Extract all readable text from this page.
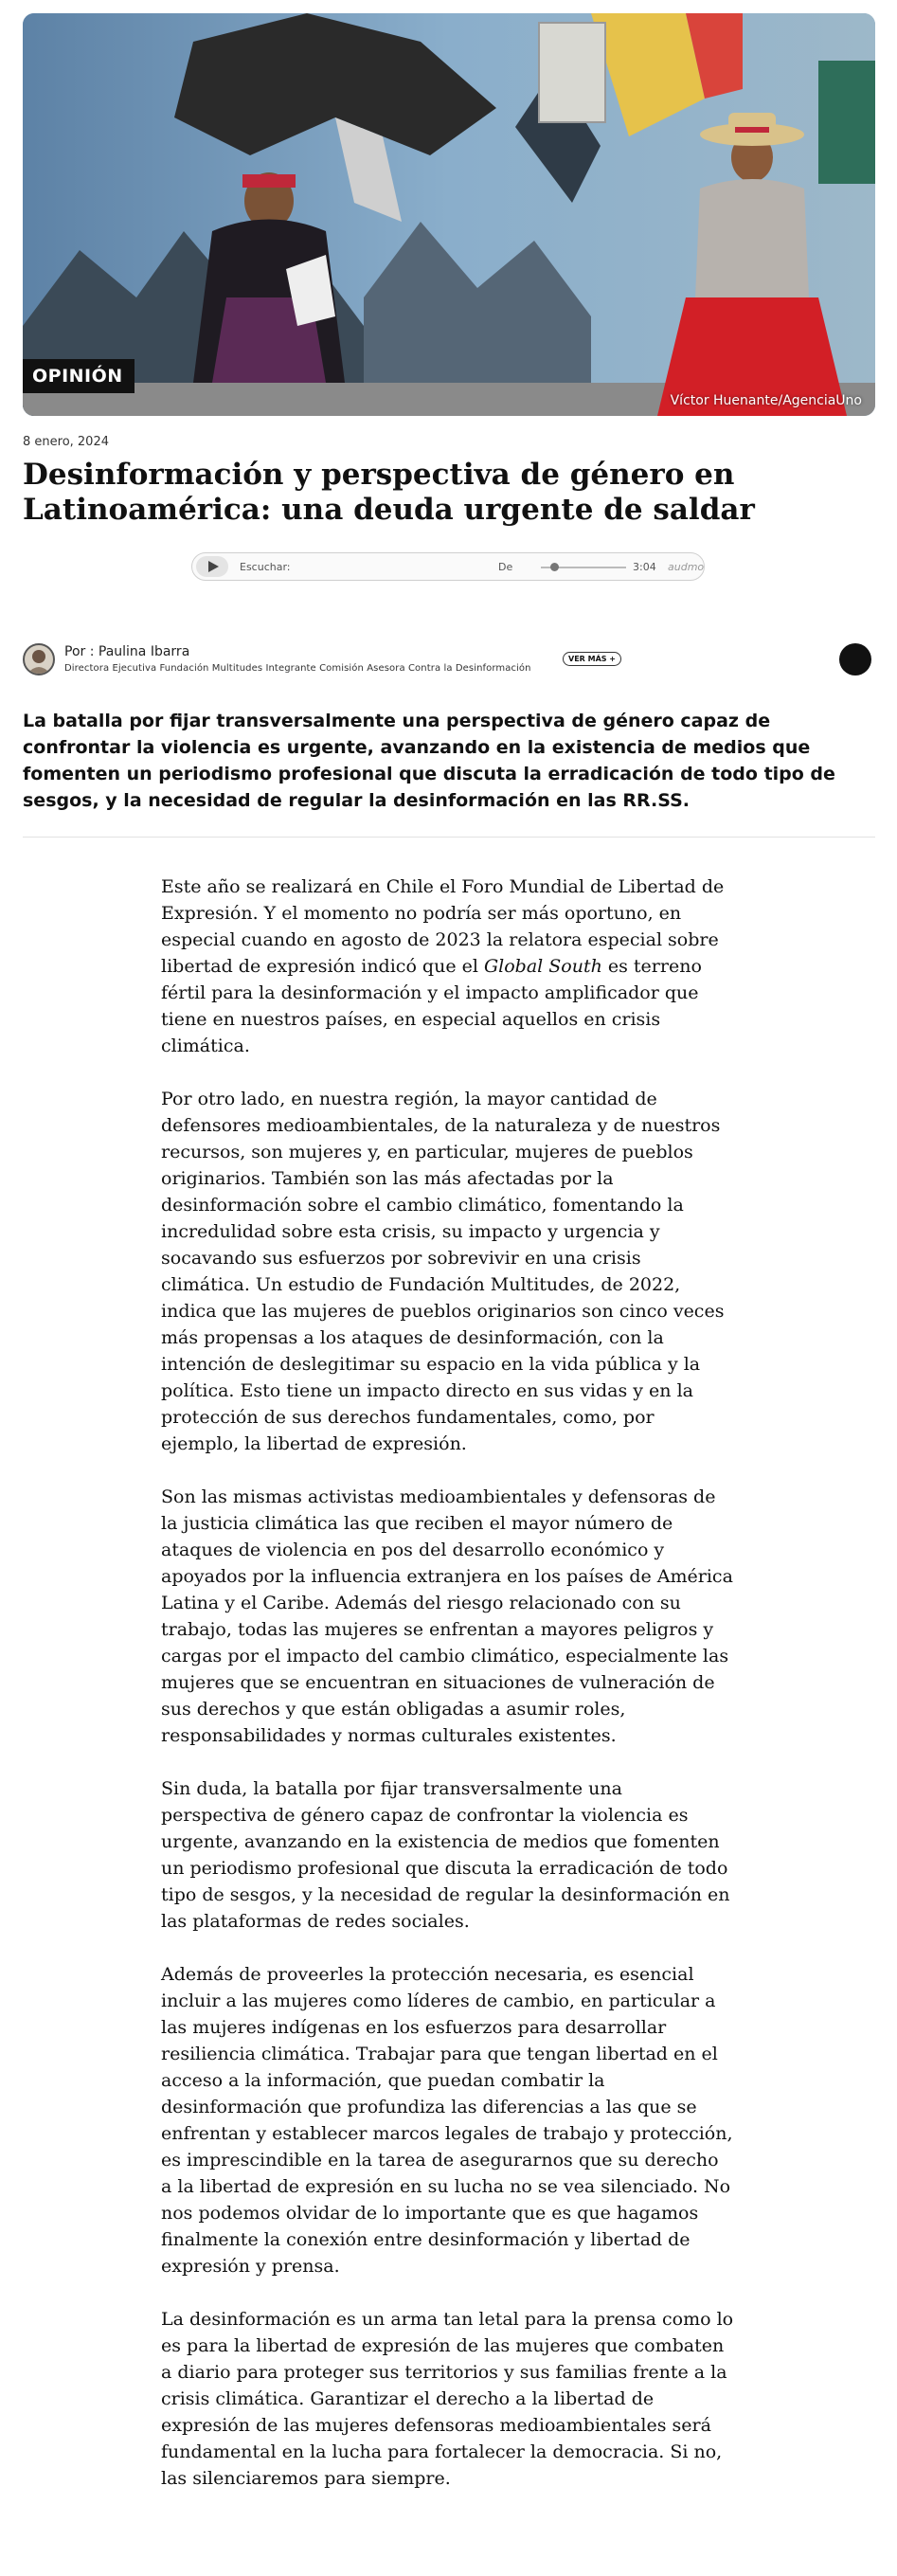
OPINIÓN
Víctor Huenante/AgenciaUno
8 enero, 2024
Desinformación y perspectiva de género en Latinoamérica: una deuda urgente de saldar
Escuchar:	De	3:04 audmo
Por : Paulina Ibarra
Directora Ejecutiva Fundación Multitudes Integrante Comisión Asesora Contra la Desinformación
VER MÁS +

La batalla por fijar transversalmente una perspectiva de género capaz de confrontar la violencia es urgente, avanzando en la existencia de medios que fomenten un periodismo profesional que discuta la erradicación de todo tipo de sesgos, y la necesidad de regular la desinformación en las RR.SS.

Este año se realizará en Chile el Foro Mundial de Libertad de Expresión. Y el momento no podría ser más oportuno, en especial cuando en agosto de 2023 la relatora especial sobre libertad de expresión indicó que el Global South es terreno fértil para la desinformación y el impacto amplificador que tiene en nuestros países, en especial aquellos en crisis climática.

Por otro lado, en nuestra región, la mayor cantidad de defensores medioambientales, de la naturaleza y de nuestros recursos, son mujeres y, en particular, mujeres de pueblos originarios. También son las más afectadas por la desinformación sobre el cambio climático, fomentando la incredulidad sobre esta crisis, su impacto y urgencia y socavando sus esfuerzos por sobrevivir en una crisis climática. Un estudio de Fundación Multitudes, de 2022, indica que las mujeres de pueblos originarios son cinco veces más propensas a los ataques de desinformación, con la intención de deslegitimar su espacio en la vida pública y la política. Esto tiene un impacto directo en sus vidas y en la protección de sus derechos fundamentales, como, por ejemplo, la libertad de expresión.

Son las mismas activistas medioambientales y defensoras de la justicia climática las que reciben el mayor número de ataques de violencia en pos del desarrollo económico y apoyados por la influencia extranjera en los países de América Latina y el Caribe. Además del riesgo relacionado con su trabajo, todas las mujeres se enfrentan a mayores peligros y cargas por el impacto del cambio climático, especialmente las mujeres que se encuentran en situaciones de vulneración de sus derechos y que están obligadas a asumir roles, responsabilidades y normas culturales existentes.

Sin duda, la batalla por fijar transversalmente una perspectiva de género capaz de confrontar la violencia es urgente, avanzando en la existencia de medios que fomenten un periodismo profesional que discuta la erradicación de todo tipo de sesgos, y la necesidad de regular la desinformación en las plataformas de redes sociales.

Además de proveerles la protección necesaria, es esencial incluir a las mujeres como líderes de cambio, en particular a las mujeres indígenas en los esfuerzos para desarrollar resiliencia climática. Trabajar para que tengan libertad en el acceso a la información, que puedan combatir la desinformación que profundiza las diferencias a las que se enfrentan y establecer marcos legales de trabajo y protección, es imprescindible en la tarea de asegurarnos que su derecho a la libertad de expresión en su lucha no se vea silenciado. No nos podemos olvidar de lo importante que es que hagamos finalmente la conexión entre desinformación y libertad de expresión y prensa.

La desinformación es un arma tan letal para la prensa como lo es para la libertad de expresión de las mujeres que combaten a diario para proteger sus territorios y sus familias frente a la crisis climática. Garantizar el derecho a la libertad de expresión de las mujeres defensoras medioambientales será fundamental en la lucha para fortalecer la democracia. Si no, las silenciaremos para siempre.
